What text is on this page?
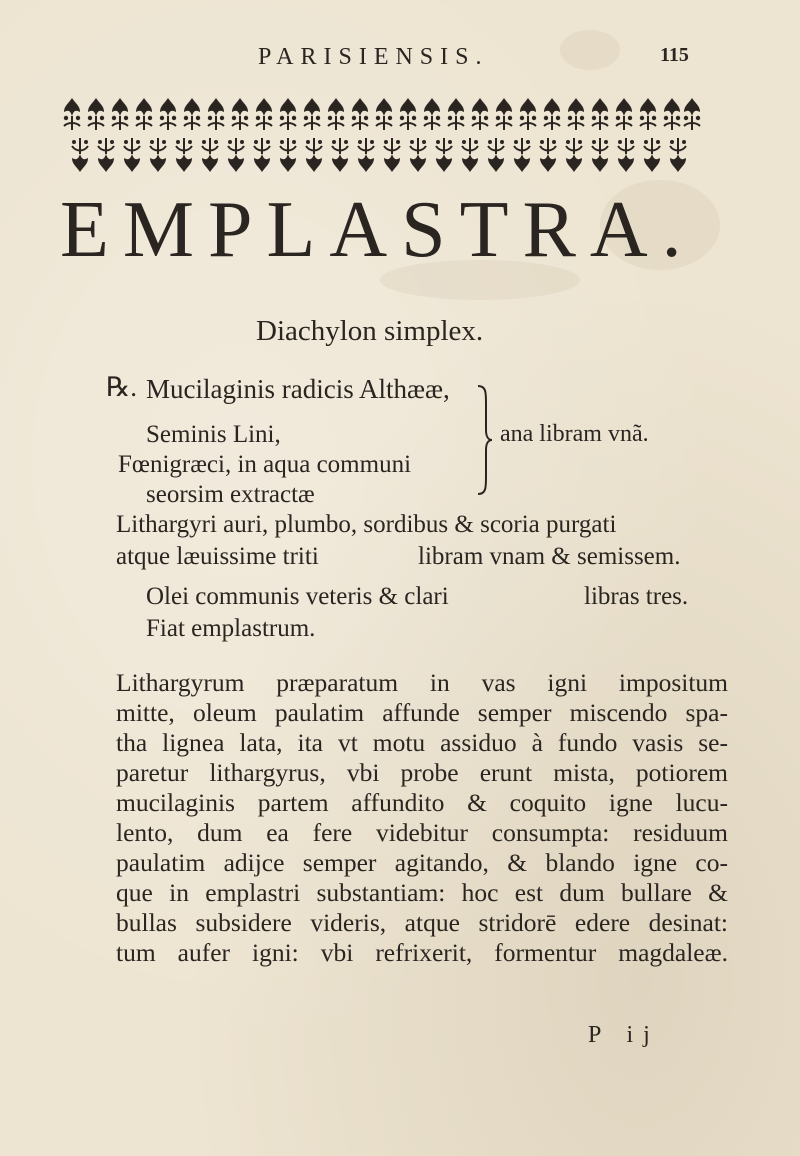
PARISIENSIS.	115
EMPLASTRA.
Diachylon simplex.
℞. Mucilaginis radicis Althææ,
Seminis Lini,
Fœnigræci, in aqua communi
seorsim extractæ
ana libram vnã.
Lithargyri auri, plumbo, sordibus & scoria purgati
atque læuissime triti	libram vnam & semissem.
Olei communis veteris & clari	libras tres.
Fiat emplastrum.
Lithargyrum præparatum in vas igni impositum
mitte, oleum paulatim affunde semper miscendo spa-
tha lignea lata, ita vt motu assiduo à fundo vasis se-
paretur lithargyrus, vbi probe erunt mista, potiorem
mucilaginis partem affundito & coquito igne lucu-
lento, dum ea fere videbitur consumpta: residuum
paulatim adijce semper agitando, & blando igne co-
que in emplastri substantiam: hoc est dum bullare &
bullas subsidere videris, atque stridorē edere desinat:
tum aufer igni: vbi refrixerit, formentur magdaleæ.
P ij
